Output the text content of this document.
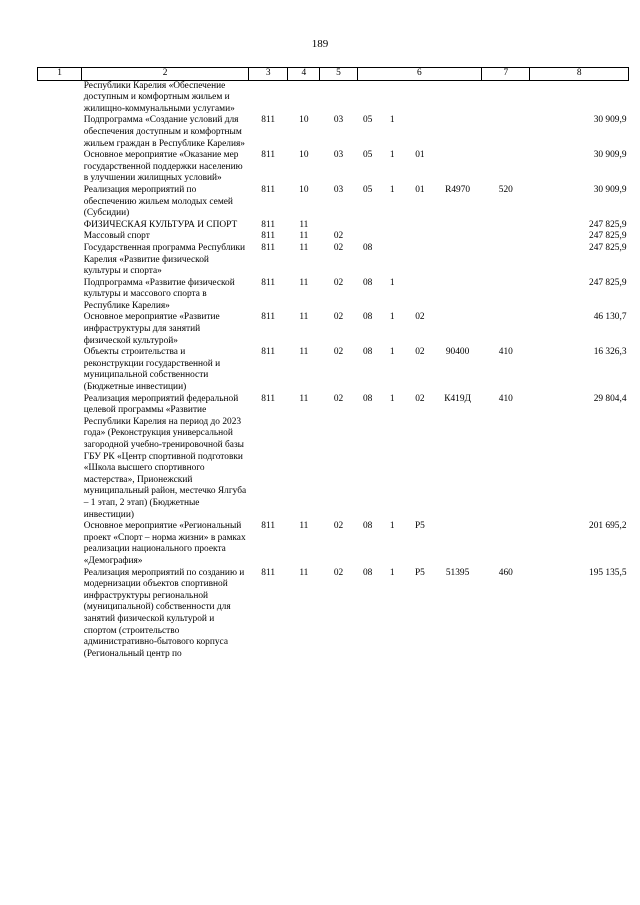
189
1	2	3	4	5	6				7	8
	Республики Карелия «Обеспечение доступным и комфортным жильем и жилищно-коммунальными услугами»									
	Подпрограмма «Создание условий для обеспечения доступным и комфортным жильем граждан в Республике Карелия»	811	10	03	05	1				30 909,9
	Основное мероприятие «Оказание мер государственной поддержки населению в улучшении жилищных условий»	811	10	03	05	1	01			30 909,9
	Реализация мероприятий по обеспечению жильем молодых семей (Субсидии)	811	10	03	05	1	01	R4970	520	30 909,9
	ФИЗИЧЕСКАЯ КУЛЬТУРА И СПОРТ	811	11							247 825,9
	Массовый спорт	811	11	02						247 825,9
	Государственная программа Республики Карелия «Развитие физической культуры и спорта»	811	11	02	08					247 825,9
	Подпрограмма «Развитие физической культуры и массового спорта в Республике Карелия»	811	11	02	08	1				247 825,9
	Основное мероприятие «Развитие инфраструктуры для занятий физической культурой»	811	11	02	08	1	02			46 130,7
	Объекты строительства и реконструкции государственной и муниципальной собственности (Бюджетные инвестиции)	811	11	02	08	1	02	90400	410	16 326,3
	Реализация мероприятий федеральной целевой программы «Развитие Республики Карелия на период до 2023 года» (Реконструкция универсальной загородной учебно-тренировочной базы ГБУ РК «Центр спортивной подготовки «Школа высшего спортивного мастерства», Прионежский муниципальный район, местечко Ялгуба – 1 этап, 2 этап) (Бюджетные инвестиции)	811	11	02	08	1	02	К419Д	410	29 804,4
	Основное мероприятие «Региональный проект «Спорт – норма жизни» в рамках реализации национального проекта «Демография»	811	11	02	08	1	P5			201 695,2
	Реализация мероприятий по созданию и модернизации объектов спортивной инфраструктуры региональной (муниципальной) собственности для занятий физической культурой и спортом (строительство административно-бытового корпуса (Региональный центр по	811	11	02	08	1	P5	51395	460	195 135,5
